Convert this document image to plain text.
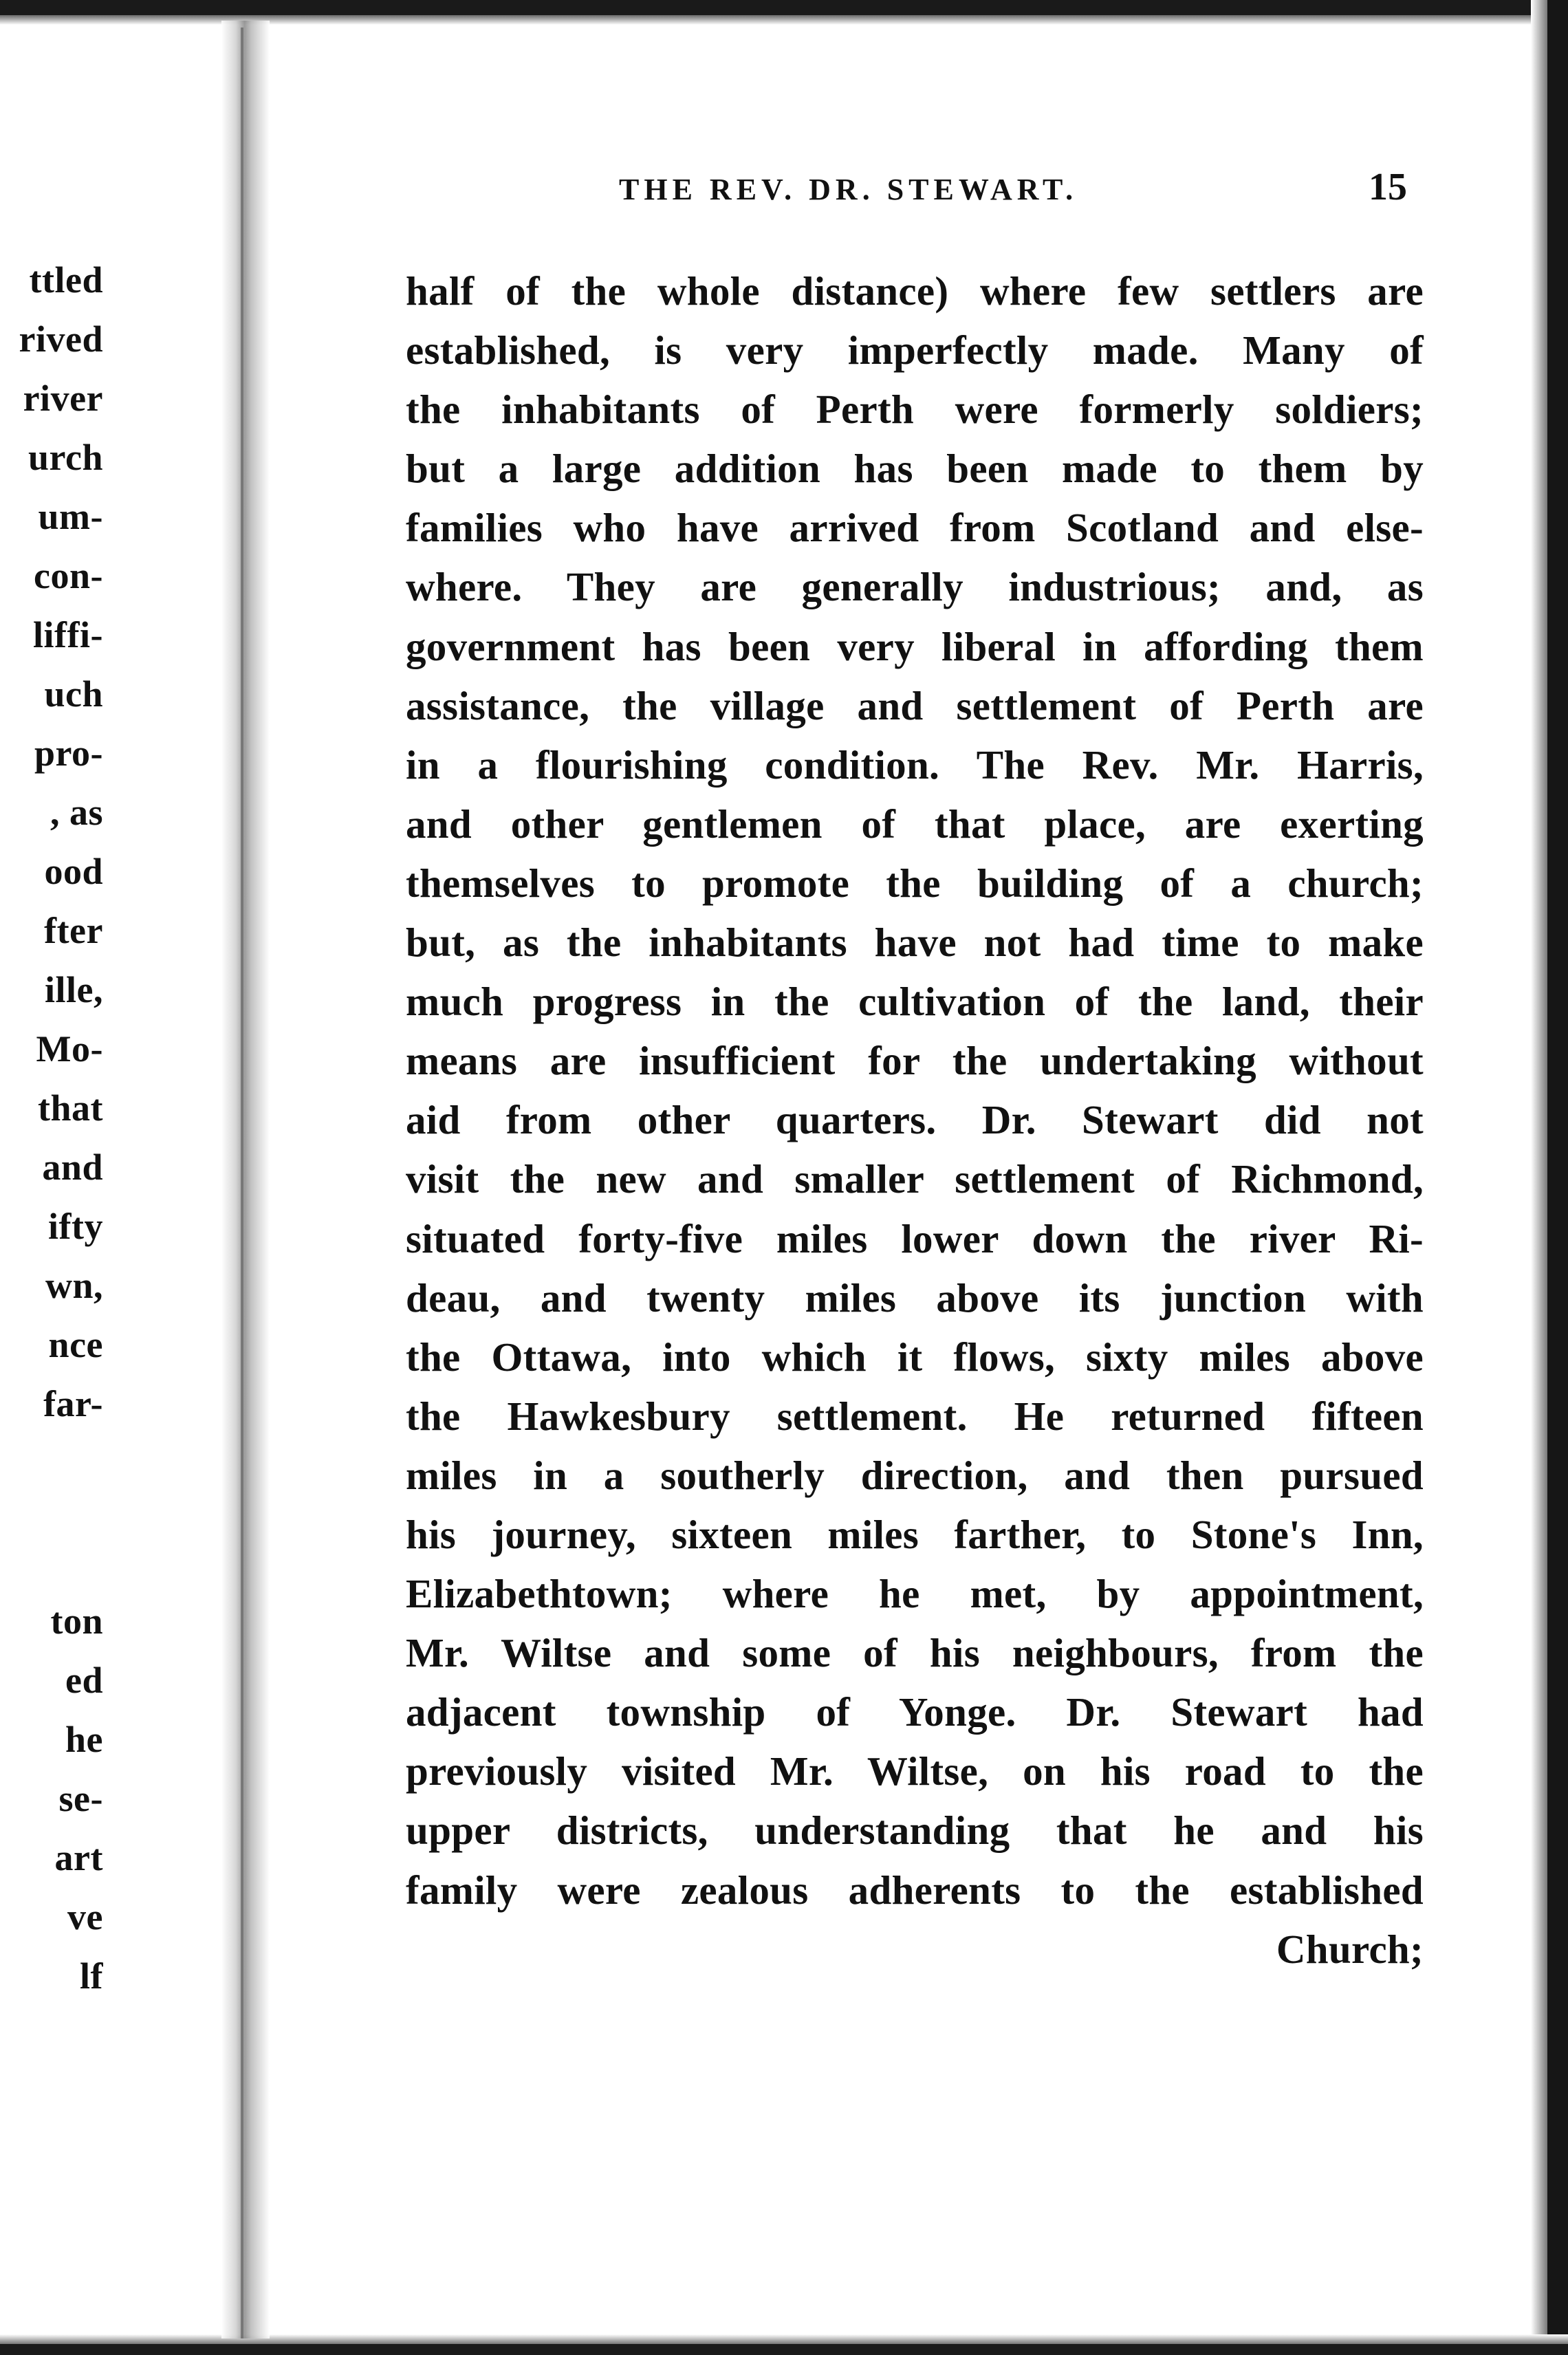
ttled
rived
river
urch
um-
con-
liffi-
uch
pro-
, as
ood
fter
ille,
Mo-
that
and
ifty
wn,
nce
far-
ton
ed
he
se-
art
ve
lf
THE REV. DR. STEWART.	15
half of the whole distance) where few settlers are
established, is very imperfectly made. Many of
the inhabitants of Perth were formerly soldiers;
but a large addition has been made to them by
families who have arrived from Scotland and else-
where. They are generally industrious; and, as
government has been very liberal in affording them
assistance, the village and settlement of Perth are
in a flourishing condition. The Rev. Mr. Harris,
and other gentlemen of that place, are exerting
themselves to promote the building of a church;
but, as the inhabitants have not had time to make
much progress in the cultivation of the land, their
means are insufficient for the undertaking without
aid from other quarters. Dr. Stewart did not
visit the new and smaller settlement of Richmond,
situated forty-five miles lower down the river Ri-
deau, and twenty miles above its junction with
the Ottawa, into which it flows, sixty miles above
the Hawkesbury settlement. He returned fifteen
miles in a southerly direction, and then pursued
his journey, sixteen miles farther, to Stone's Inn,
Elizabethtown; where he met, by appointment,
Mr. Wiltse and some of his neighbours, from the
adjacent township of Yonge. Dr. Stewart had
previously visited Mr. Wiltse, on his road to the
upper districts, understanding that he and his
family were zealous adherents to the established
Church;
